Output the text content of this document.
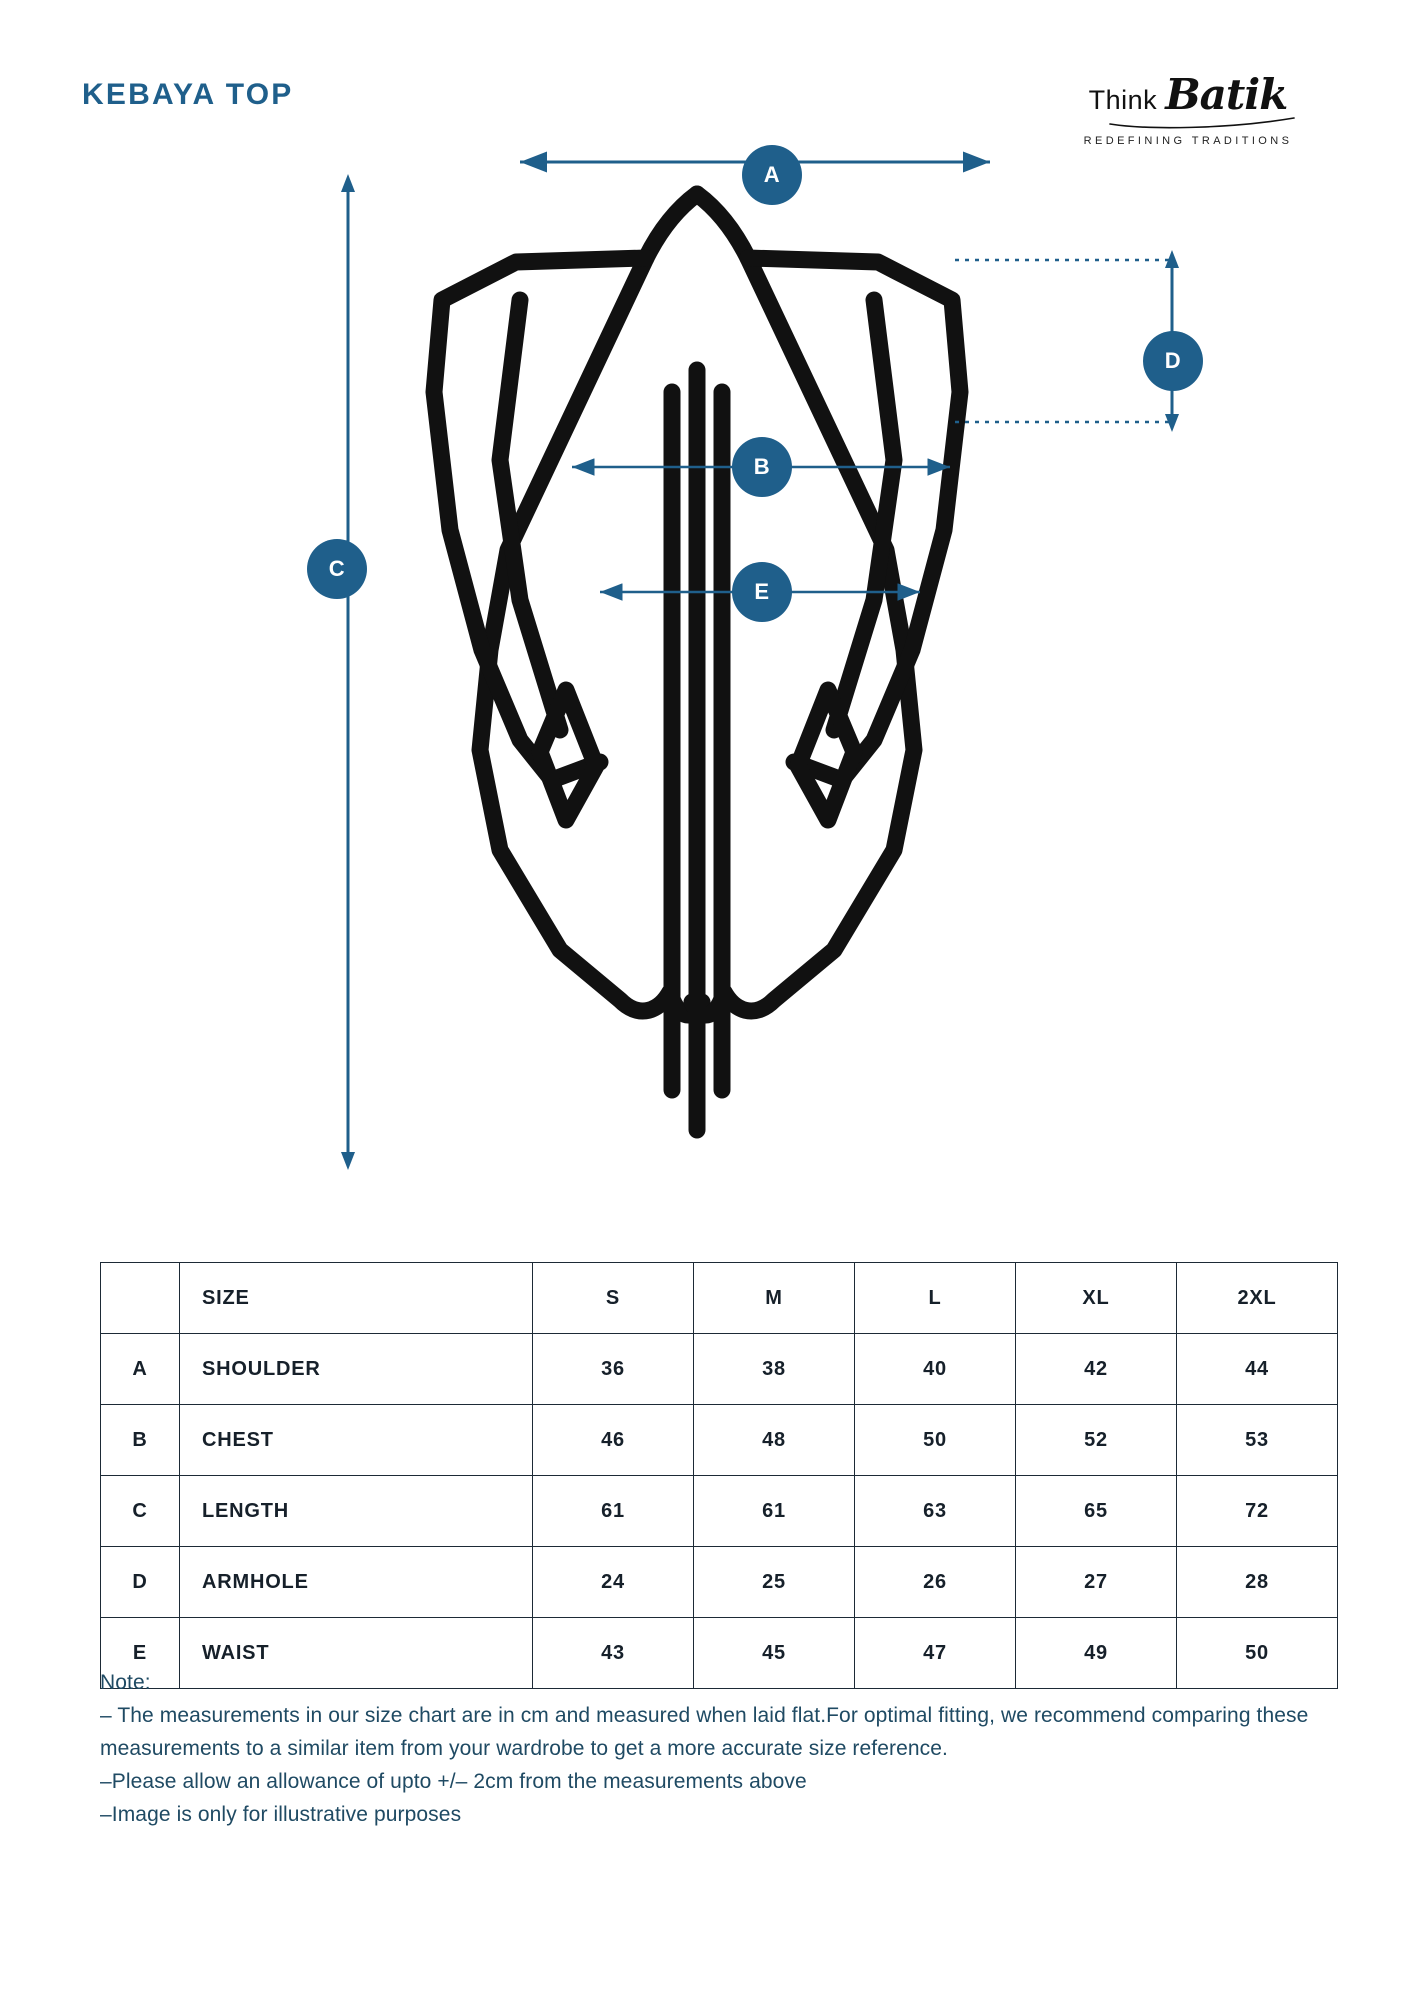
KEBAYA TOP	Think Batik
REDEFINING TRADITIONS
A
B
C
D
E
	SIZE	S	M	L	XL	2XL
A	SHOULDER	36	38	40	42	44
B	CHEST	46	48	50	52	53
C	LENGTH	61	61	63	65	72
D	ARMHOLE	24	25	26	27	28
E	WAIST	43	45	47	49	50

Note:

– The measurements in our size chart are in cm and measured when laid flat.For optimal fitting, we recommend comparing these measurements to a similar item from your wardrobe to get a more accurate size reference.

–Please allow an allowance of upto +/– 2cm from the measurements above

–Image is only for illustrative purposes
